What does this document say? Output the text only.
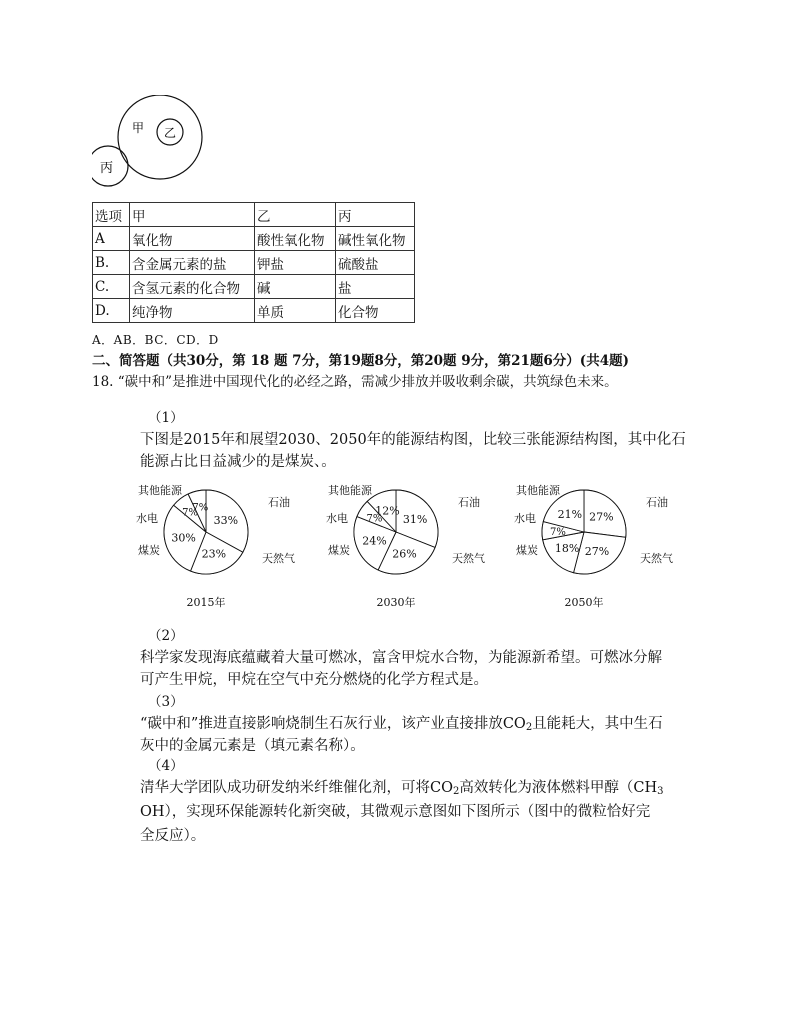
甲 乙
丙
选项	甲	乙	丙
A	氧化物	酸性氧化物	碱性氧化物
B.	含金属元素的盐	钾盐	硫酸盐
C.	含氢元素的化合物	碱	盐
D.	纯净物	单质	化合物
A．AB．BC．CD．D
二、简答题（共30分，第 18 题 7分，第19题8分，第20题 9分，第21题6分）(共4题)
18. “碳中和”是推进中国现代化的必经之路，需减少排放并吸收剩余碳，共筑绿色未来。
（1）
下图是2015年和展望2030、2050年的能源结构图，比较三张能源结构图，其中化石
能源占比日益减少的是煤炭、。
33%
23%
30%
7%
7%	石油
天然气
煤炭
水电
其他能源
2015年
31%
26%
24%
7%
12%
石油
天然气
煤炭
水电
其他能源
2030年
27%
27%
18%
7%
21%
石油
天然气
煤炭
水电
其他能源
2050年
（2）
科学家发现海底蕴藏着大量可燃冰，富含甲烷水合物，为能源新希望。可燃冰分解
可产生甲烷，甲烷在空气中充分燃烧的化学方程式是。
（3）
“碳中和”推进直接影响烧制生石灰行业，该产业直接排放$CO_2$且能耗大，其中生石
灰中的金属元素是（填元素名称）。
（4）
清华大学团队成功研发纳米纤维催化剂，可将$CO_2$高效转化为液体燃料甲醇（$CH_3$
OH），实现环保能源转化新突破，其微观示意图如下图所示（图中的微粒恰好完
全反应）。
